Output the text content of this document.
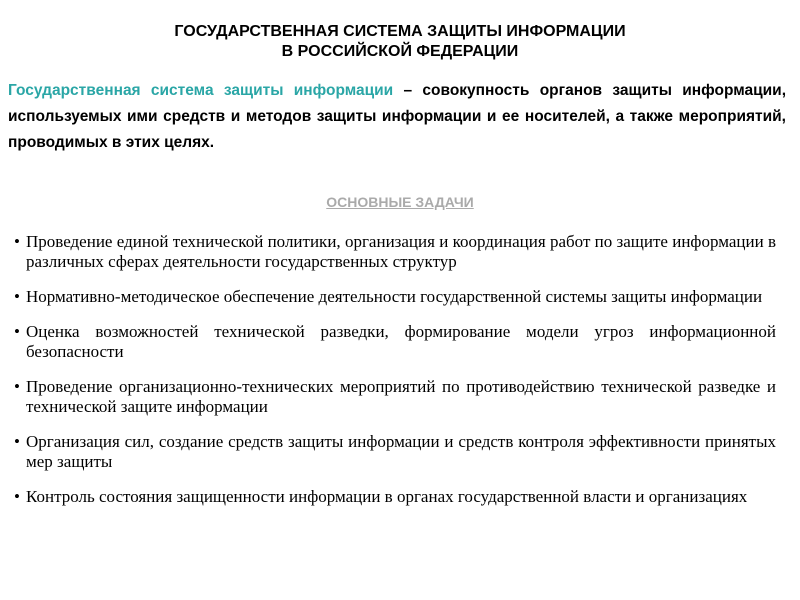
ГОСУДАРСТВЕННАЯ СИСТЕМА ЗАЩИТЫ ИНФОРМАЦИИ
В РОССИЙСКОЙ ФЕДЕРАЦИИ
Государственная система защиты информации – совокупность органов защиты информации, используемых ими средств и методов защиты информации и ее носителей, а также мероприятий, проводимых в этих целях.
ОСНОВНЫЕ ЗАДАЧИ
• Проведение единой технической политики, организация и координация работ по защите информации в различных сферах деятельности государственных структур
• Нормативно-методическое обеспечение деятельности государственной системы защиты информации
• Оценка возможностей технической разведки, формирование модели угроз информационной безопасности
• Проведение организационно-технических мероприятий по противодействию технической разведке и технической защите информации
• Организация сил, создание средств защиты информации и средств контроля эффективности принятых мер защиты
• Контроль состояния защищенности информации в органах государственной власти и организациях
